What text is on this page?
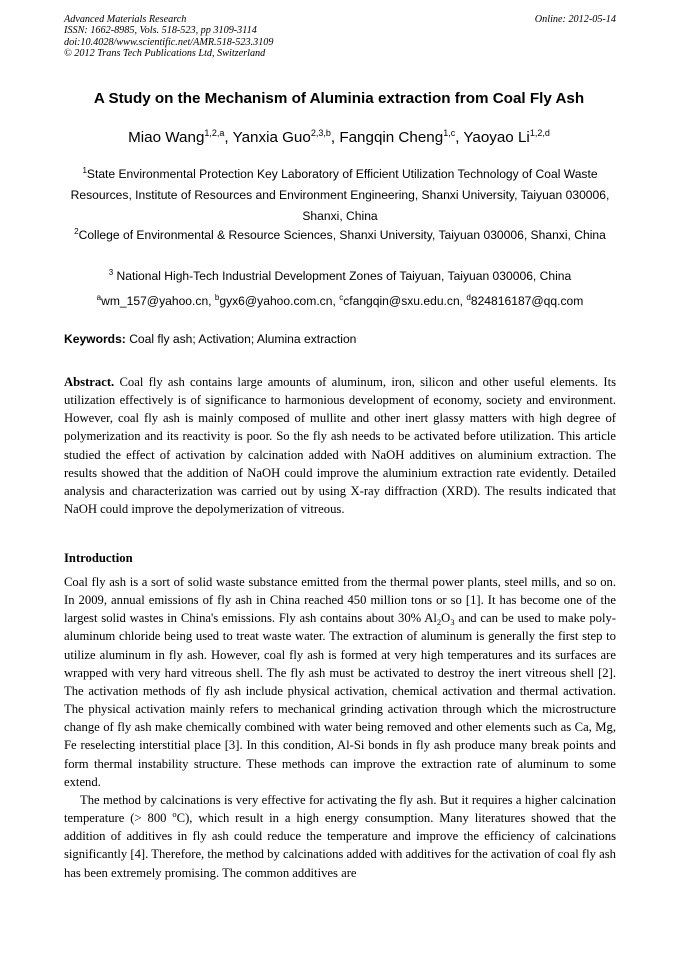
Advanced Materials Research
ISSN: 1662-8985, Vols. 518-523, pp 3109-3114
doi:10.4028/www.scientific.net/AMR.518-523.3109
© 2012 Trans Tech Publications Ltd, Switzerland
Online: 2012-05-14
A Study on the Mechanism of Aluminia extraction from Coal Fly Ash
Miao Wang$^{1,2,a}$, Yanxia Guo$^{2,3,b}$, Fangqin Cheng$^{1,c}$, Yaoyao Li$^{1,2,d}$
$^1$State Environmental Protection Key Laboratory of Efficient Utilization Technology of Coal Waste Resources, Institute of Resources and Environment Engineering, Shanxi University, Taiyuan 030006, Shanxi, China
$^2$College of Environmental & Resource Sciences, Shanxi University, Taiyuan 030006, Shanxi, China
$^3$ National High-Tech Industrial Development Zones of Taiyuan, Taiyuan 030006, China
$^a$wm_157@yahoo.cn, $^b$gyx6@yahoo.com.cn, $^c$cfangqin@sxu.edu.cn, $^d$824816187@qq.com
Keywords: Coal fly ash; Activation; Alumina extraction
Abstract. Coal fly ash contains large amounts of aluminum, iron, silicon and other useful elements. Its utilization effectively is of significance to harmonious development of economy, society and environment. However, coal fly ash is mainly composed of mullite and other inert glassy matters with high degree of polymerization and its reactivity is poor. So the fly ash needs to be activated before utilization. This article studied the effect of activation by calcination added with NaOH additives on aluminium extraction. The results showed that the addition of NaOH could improve the aluminium extraction rate evidently. Detailed analysis and characterization was carried out by using X-ray diffraction (XRD). The results indicated that NaOH could improve the depolymerization of vitreous.
Introduction

Coal fly ash is a sort of solid waste substance emitted from the thermal power plants, steel mills, and so on. In 2009, annual emissions of fly ash in China reached 450 million tons or so [1]. It has become one of the largest solid wastes in China's emissions. Fly ash contains about 30% $Al_2O_3$ and can be used to make poly-aluminum chloride being used to treat waste water. The extraction of aluminum is generally the first step to utilize aluminum in fly ash. However, coal fly ash is formed at very high temperatures and its surfaces are wrapped with very hard vitreous shell. The fly ash must be activated to destroy the inert vitreous shell [2]. The activation methods of fly ash include physical activation, chemical activation and thermal activation. The physical activation mainly refers to mechanical grinding activation through which the microstructure change of fly ash make chemically combined with water being removed and other elements such as Ca, Mg, Fe reselecting interstitial place [3]. In this condition, Al-Si bonds in fly ash produce many break points and form thermal instability structure. These methods can improve the extraction rate of aluminum to some extend.

The method by calcinations is very effective for activating the fly ash. But it requires a higher calcination temperature (> 800 $^o$C), which result in a high energy consumption. Many literatures showed that the addition of additives in fly ash could reduce the temperature and improve the efficiency of calcinations significantly [4]. Therefore, the method by calcinations added with additives for the activation of coal fly ash has been extremely promising. The common additives are
